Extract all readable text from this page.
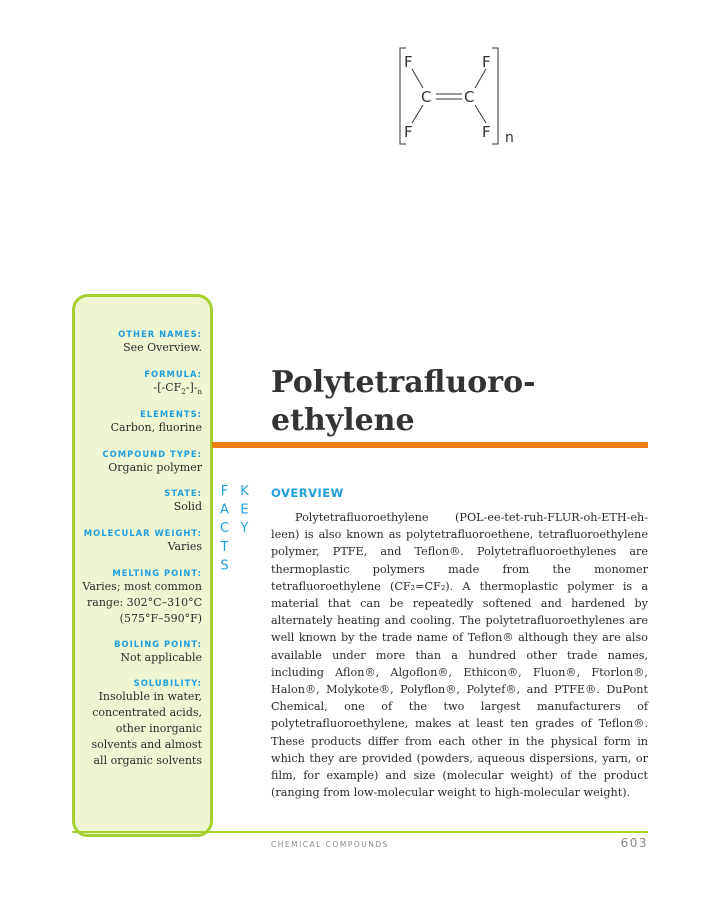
F	F
C C
F	F n
OTHER NAMES:
See Overview.
FORMULA:
$-[-CF_2-]-_n$
ELEMENTS:
Carbon, fluorine
COMPOUND TYPE:
Organic polymer
STATE:
Solid
MOLECULAR WEIGHT:
Varies
MELTING POINT:
Varies; most common
range: 302°C–310°C
(575°F–590°F)
BOILING POINT:
Not applicable
SOLUBILITY:
Insoluble in water,
concentrated acids,
other inorganic
solvents and almost
all organic solvents
KEY FACTS
Polytetrafluoro-ethylene
OVERVIEW

Polytetrafluoroethylene (POL-ee-tet-ruh-FLUR-oh-ETH-eh-leen) is also known as polytetrafluoroethene, tetrafluoroethylene polymer, PTFE, and Teflon®. Polytetrafluoroethylenes are thermoplastic polymers made from the monomer tetrafluoroethylene (CF₂=CF₂). A thermoplastic polymer is a material that can be repeatedly softened and hardened by alternately heating and cooling. The polytetrafluoroethylenes are well known by the trade name of Teflon® although they are also available under more than a hundred other trade names, including Aflon®, Algoflon®, Ethicon®, Fluon®, Ftorlon®, Halon®, Molykote®, Polyflon®, Polytef®, and PTFE®. DuPont Chemical, one of the two largest manufacturers of polytetrafluoroethylene, makes at least ten grades of Teflon®. These products differ from each other in the physical form in which they are provided (powders, aqueous dispersions, yarn, or film, for example) and size (molecular weight) of the product (ranging from low-molecular weight to high-molecular weight).

CHEMICAL COMPOUNDS	603
